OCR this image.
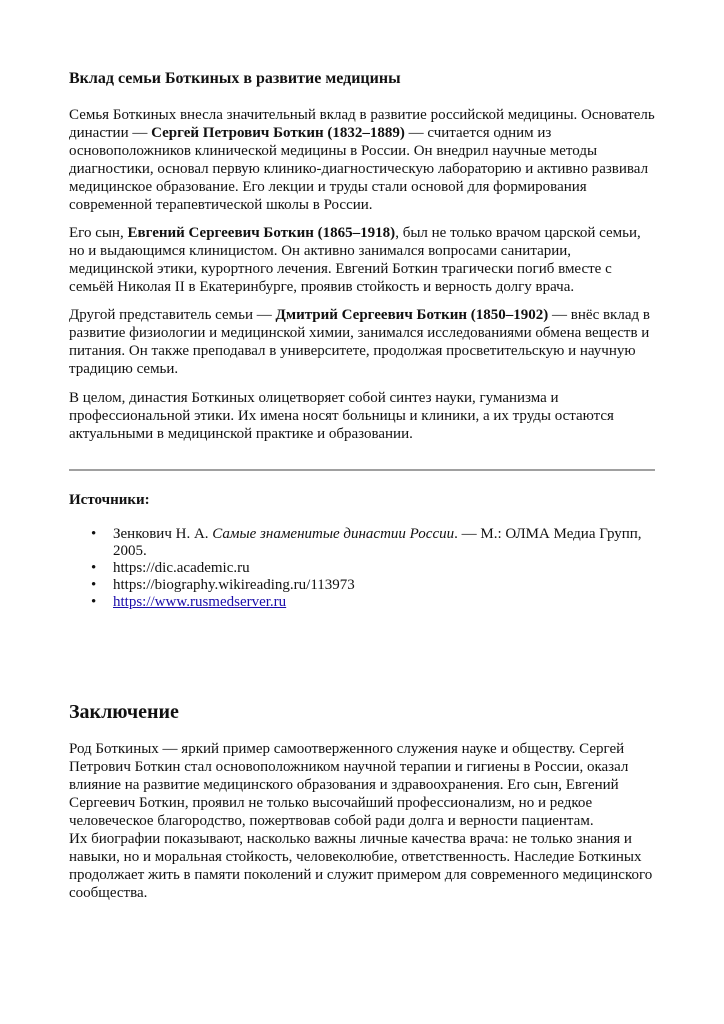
Вклад семьи Боткиных в развитие медицины

Семья Боткиных внесла значительный вклад в развитие российской медицины. Основатель династии — Сергей Петрович Боткин (1832–1889) — считается одним из основоположников клинической медицины в России. Он внедрил научные методы диагностики, основал первую клинико-диагностическую лабораторию и активно развивал медицинское образование. Его лекции и труды стали основой для формирования современной терапевтической школы в России.

Его сын, Евгений Сергеевич Боткин (1865–1918), был не только врачом царской семьи, но и выдающимся клиницистом. Он активно занимался вопросами санитарии, медицинской этики, курортного лечения. Евгений Боткин трагически погиб вместе с семьёй Николая II в Екатеринбурге, проявив стойкость и верность долгу врача.

Другой представитель семьи — Дмитрий Сергеевич Боткин (1850–1902) — внёс вклад в развитие физиологии и медицинской химии, занимался исследованиями обмена веществ и питания. Он также преподавал в университете, продолжая просветительскую и научную традицию семьи.

В целом, династия Боткиных олицетворяет собой синтез науки, гуманизма и профессиональной этики. Их имена носят больницы и клиники, а их труды остаются актуальными в медицинской практике и образовании.

Источники:
• Зенкович Н. А. Самые знаменитые династии России. — М.: ОЛМА Медиа Групп, 2005.
• https://dic.academic.ru
• https://biography.wikireading.ru/113973
• https://www.rusmedserver.ru
Заключение

Род Боткиных — яркий пример самоотверженного служения науке и обществу. Сергей Петрович Боткин стал основоположником научной терапии и гигиены в России, оказал влияние на развитие медицинского образования и здравоохранения. Его сын, Евгений Сергеевич Боткин, проявил не только высочайший профессионализм, но и редкое человеческое благородство, пожертвовав собой ради долга и верности пациентам.
Их биографии показывают, насколько важны личные качества врача: не только знания и навыки, но и моральная стойкость, человеколюбие, ответственность. Наследие Боткиных продолжает жить в памяти поколений и служит примером для современного медицинского сообщества.
